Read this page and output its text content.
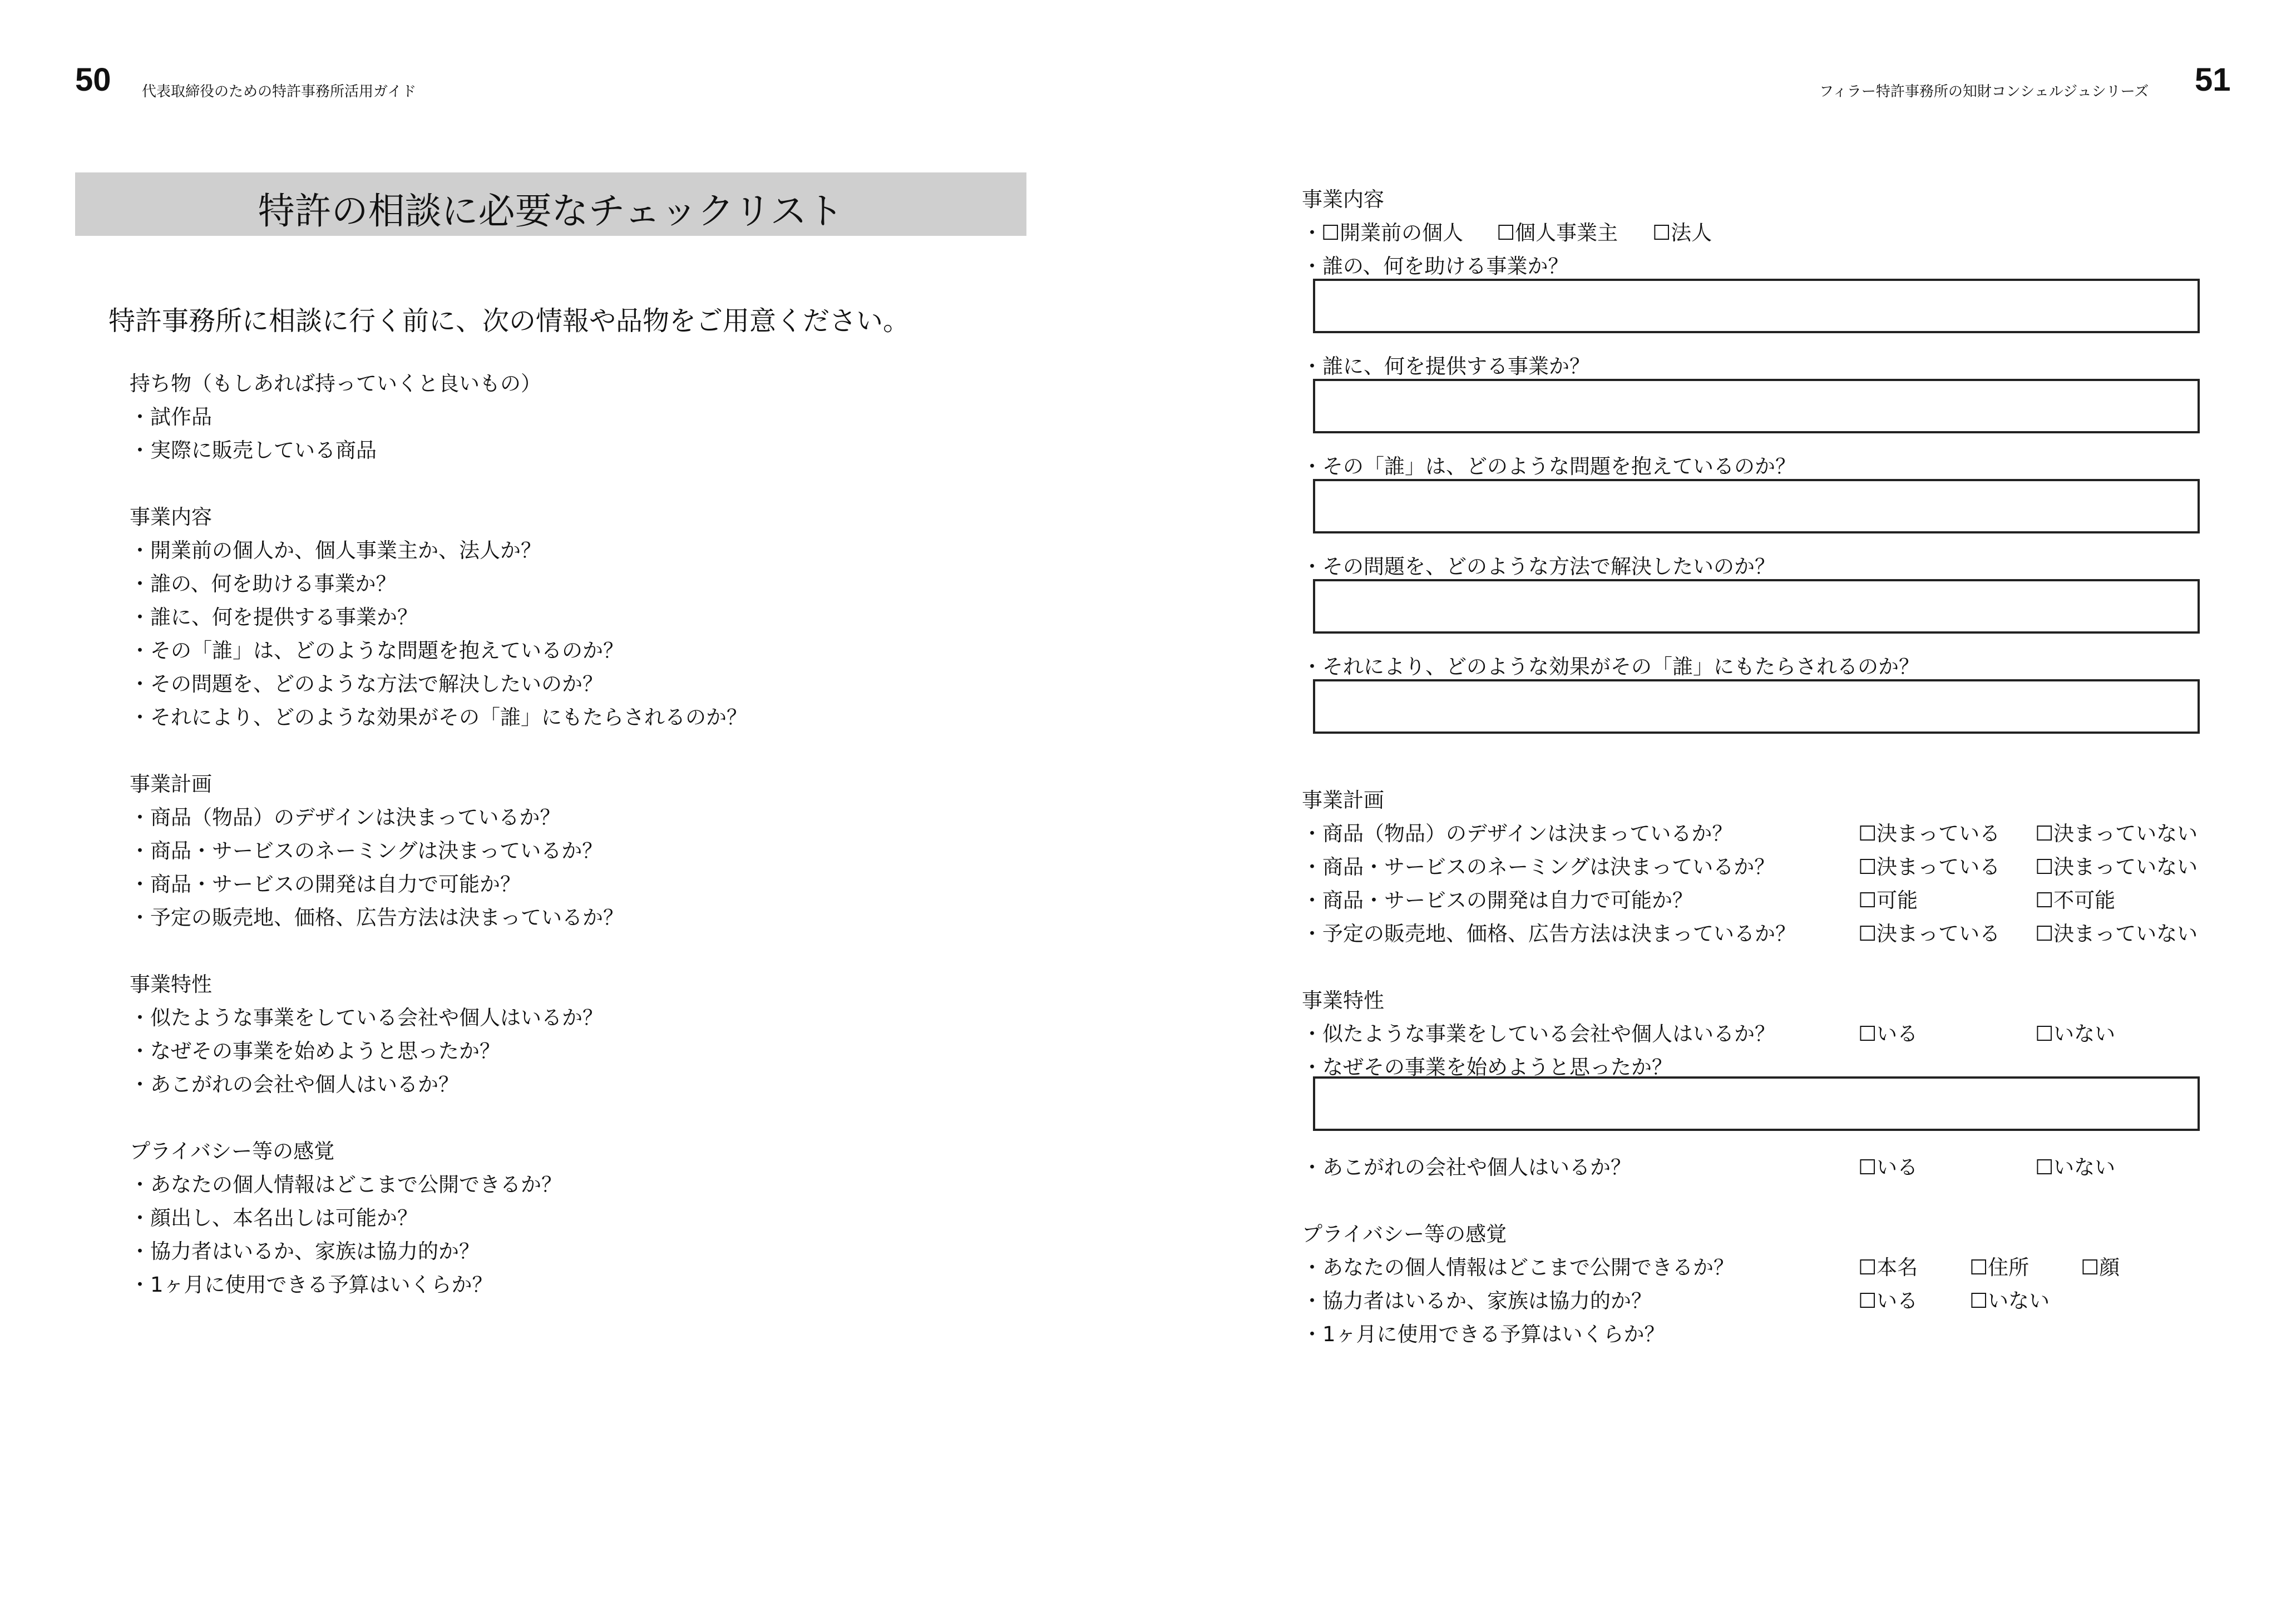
50 代表取締役のための特許事務所活用ガイド	フィラー特許事務所の知財コンシェルジュシリーズ 51
特許の相談に必要なチェックリスト
特許事務所に相談に行く前に、次の情報や品物をご用意ください。
持ち物（もしあれば持っていくと良いもの）
・試作品
・実際に販売している商品
事業内容
・開業前の個人か、個人事業主か、法人か？
・誰の、何を助ける事業か？
・誰に、何を提供する事業か？
・その「誰」は、どのような問題を抱えているのか？
・その問題を、どのような方法で解決したいのか？
・それにより、どのような効果がその「誰」にもたらされるのか？
事業計画
・商品（物品）のデザインは決まっているか？
・商品・サービスのネーミングは決まっているか？
・商品・サービスの開発は自力で可能か？
・予定の販売地、価格、広告方法は決まっているか？
事業特性
・似たような事業をしている会社や個人はいるか？
・なぜその事業を始めようと思ったか？
・あこがれの会社や個人はいるか？
プライバシー等の感覚
・あなたの個人情報はどこまで公開できるか？
・顔出し、本名出しは可能か？
・協力者はいるか、家族は協力的か？
・1ヶ月に使用できる予算はいくらか？
事業内容
・
☐開業前の個人 ☐個人事業主 ☐法人
・誰の、何を助ける事業か？
・誰に、何を提供する事業か？
・その「誰」は、どのような問題を抱えているのか？
・その問題を、どのような方法で解決したいのか？
・それにより、どのような効果がその「誰」にもたらされるのか？
事業計画
・商品（物品）のデザインは決まっているか？	☐決まっている ☐決まっていない
・商品・サービスのネーミングは決まっているか？	☐決まっている ☐決まっていない
・商品・サービスの開発は自力で可能か？	☐可能	☐不可能
・予定の販売地、価格、広告方法は決まっているか？	☐決まっている ☐決まっていない
事業特性
・似たような事業をしている会社や個人はいるか？	☐いる	☐いない
・なぜその事業を始めようと思ったか？
・あこがれの会社や個人はいるか？	☐いる	☐いない
プライバシー等の感覚
・あなたの個人情報はどこまで公開できるか？	☐本名	☐住所	☐顔
・協力者はいるか、家族は協力的か？	☐いる	☐いない
・1ヶ月に使用できる予算はいくらか？
